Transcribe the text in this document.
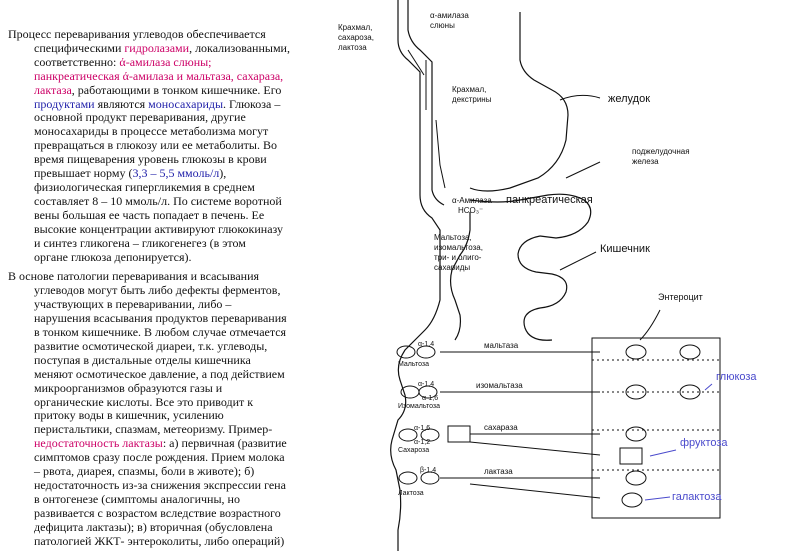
Процесс переваривания углеводов обеспечивается
специфическими гидролазами, локализованными,
соответственно: ά-амилаза слюны;
панкреатическая ά-амилаза и мальтаза, сахараза,
лактаза, работающими в тонком кишечнике. Его
продуктами являются моносахариды. Глюкоза –
основной продукт переваривания, другие
моносахариды в процессе метаболизма могут
превращаться в глюкозу или ее метаболиты. Во
время пищеварения уровень глюкозы в крови
превышает норму (3,3 – 5,5 ммоль/л),
физиологическая гипергликемия в среднем
составляет 8 – 10 ммоль/л. По системе воротной
вены большая ее часть попадает в печень. Ее
высокие концентрации активируют глюкокиназу
и синтез гликогена – гликогенегез (в этом
органе глюкоза депонируется).

В основе патологии переваривания и всасывания
углеводов могут быть либо дефекты ферментов,
участвующих в переваривании, либо –
нарушения всасывания продуктов переваривания
в тонком кишечнике. В любом случае отмечается
развитие осмотической диареи, т.к. углеводы,
поступая в дистальные отделы кишечника
меняют осмотическое давление, а под действием
микроорганизмов образуются газы и
органические кислоты. Все это приводит к
притоку воды в кишечник, усилению
перистальтики, спазмам, метеоризму. Пример-
недостаточность лактазы: а) первичная (развитие
симптомов сразу после рождения. Прием молока
– рвота, диарея, спазмы, боли в животе); б)
недостаточность из-за снижения экспрессии гена
в онтогенезе (симптомы аналогичны, но
развивается с возрастом вследствие возрастного
дефицита лактазы); в) вторичная (обусловлена
патологией ЖКТ- энтероколиты, либо операций)

Крахмал, сахароза, лактоза
α-амилаза слюны
Крахмал, декстрины	желудок
поджелудочная железа
α-Амилаза HCO₃⁻
панкреатическая
Мальтоза, изомальтоза, три- и олиго- сахариды
Кишечник
Энтероцит
α-1,4
α-1,4
α-1,6
α-1,6
α-1,2
β-1,4
Мальтоза
Изомальтоза
Сахароза
Лактоза
мальтаза
изомальтаза
сахараза
лактаза
глюкоза
фруктоза
галактоза
